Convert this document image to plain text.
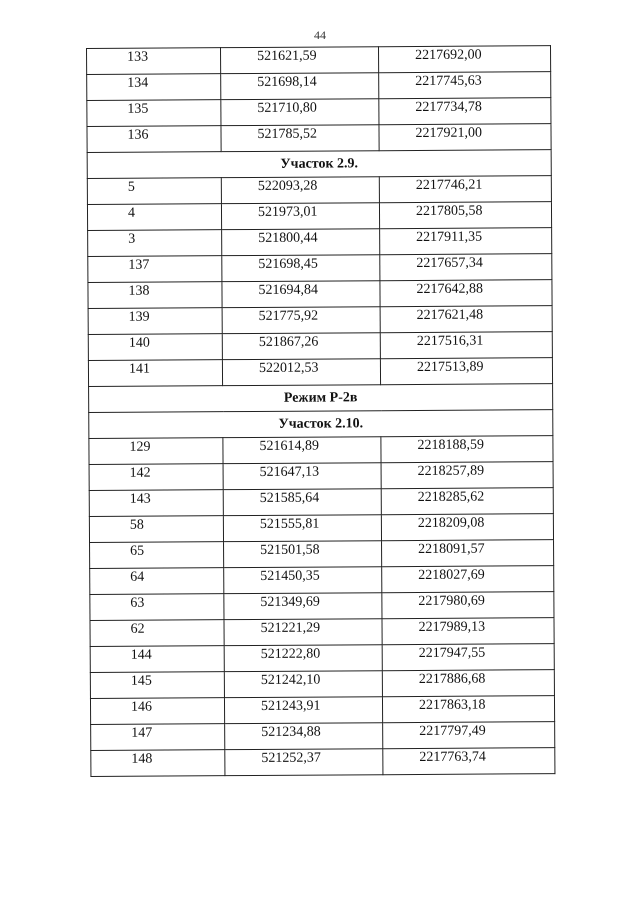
44
133	521621,59	2217692,00
134	521698,14	2217745,63
135	521710,80	2217734,78
136	521785,52	2217921,00
Участок 2.9.		
5	522093,28	2217746,21
4	521973,01	2217805,58
3	521800,44	2217911,35
137	521698,45	2217657,34
138	521694,84	2217642,88
139	521775,92	2217621,48
140	521867,26	2217516,31
141	522012,53	2217513,89
Режим Р-2в		
Участок 2.10.		
129	521614,89	2218188,59
142	521647,13	2218257,89
143	521585,64	2218285,62
58	521555,81	2218209,08
65	521501,58	2218091,57
64	521450,35	2218027,69
63	521349,69	2217980,69
62	521221,29	2217989,13
144	521222,80	2217947,55
145	521242,10	2217886,68
146	521243,91	2217863,18
147	521234,88	2217797,49
148	521252,37	2217763,74
